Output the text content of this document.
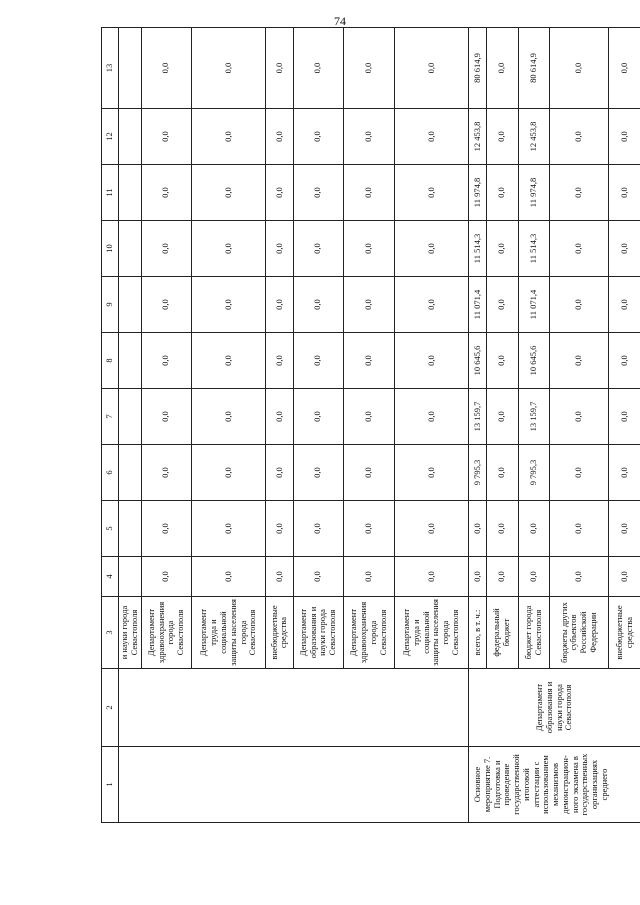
74
1	2	3	4	5	6	7	8	9	10	11	12	13
		и науки города Севастополя										
		Департамент здравоохранения города Севастополя	0,0	0,0	0,0	0,0	0,0	0,0	0,0	0,0	0,0	0,0
		Департамент труда и социальной защиты населения города Севастополя	0,0	0,0	0,0	0,0	0,0	0,0	0,0	0,0	0,0	0,0
		внебюджетные средства	0,0	0,0	0,0	0,0	0,0	0,0	0,0	0,0	0,0	0,0
		Департамент образования и науки города Севастополя	0,0	0,0	0,0	0,0	0,0	0,0	0,0	0,0	0,0	0,0
		Департамент здравоохранения города Севастополя	0,0	0,0	0,0	0,0	0,0	0,0	0,0	0,0	0,0	0,0
		Департамент труда и социальной защиты населения города Севастополя	0,0	0,0	0,0	0,0	0,0	0,0	0,0	0,0	0,0	0,0
Основное мероприятие 7. Подготовка и проведение государственной итоговой аттестации с использованием механизмов демонстрацион-ного экзамена в государственных организациях среднего	Департамент образования и науки города Севастополя	всего, в т. ч.:	0,0	0,0	9 795,3	13 159,7	10 645,6	11 071,4	11 514,3	11 974,8	12 453,8	80 614,9
		федеральный бюджет	0,0	0,0	0,0	0,0	0,0	0,0	0,0	0,0	0,0	0,0
		бюджет города Севастополя	0,0	0,0	9 795,3	13 159,7	10 645,6	11 071,4	11 514,3	11 974,8	12 453,8	80 614,9
		бюджеты других субъектов Российской Федерации	0,0	0,0	0,0	0,0	0,0	0,0	0,0	0,0	0,0	0,0
		внебюджетные средства	0,0	0,0	0,0	0,0	0,0	0,0	0,0	0,0	0,0	0,0
